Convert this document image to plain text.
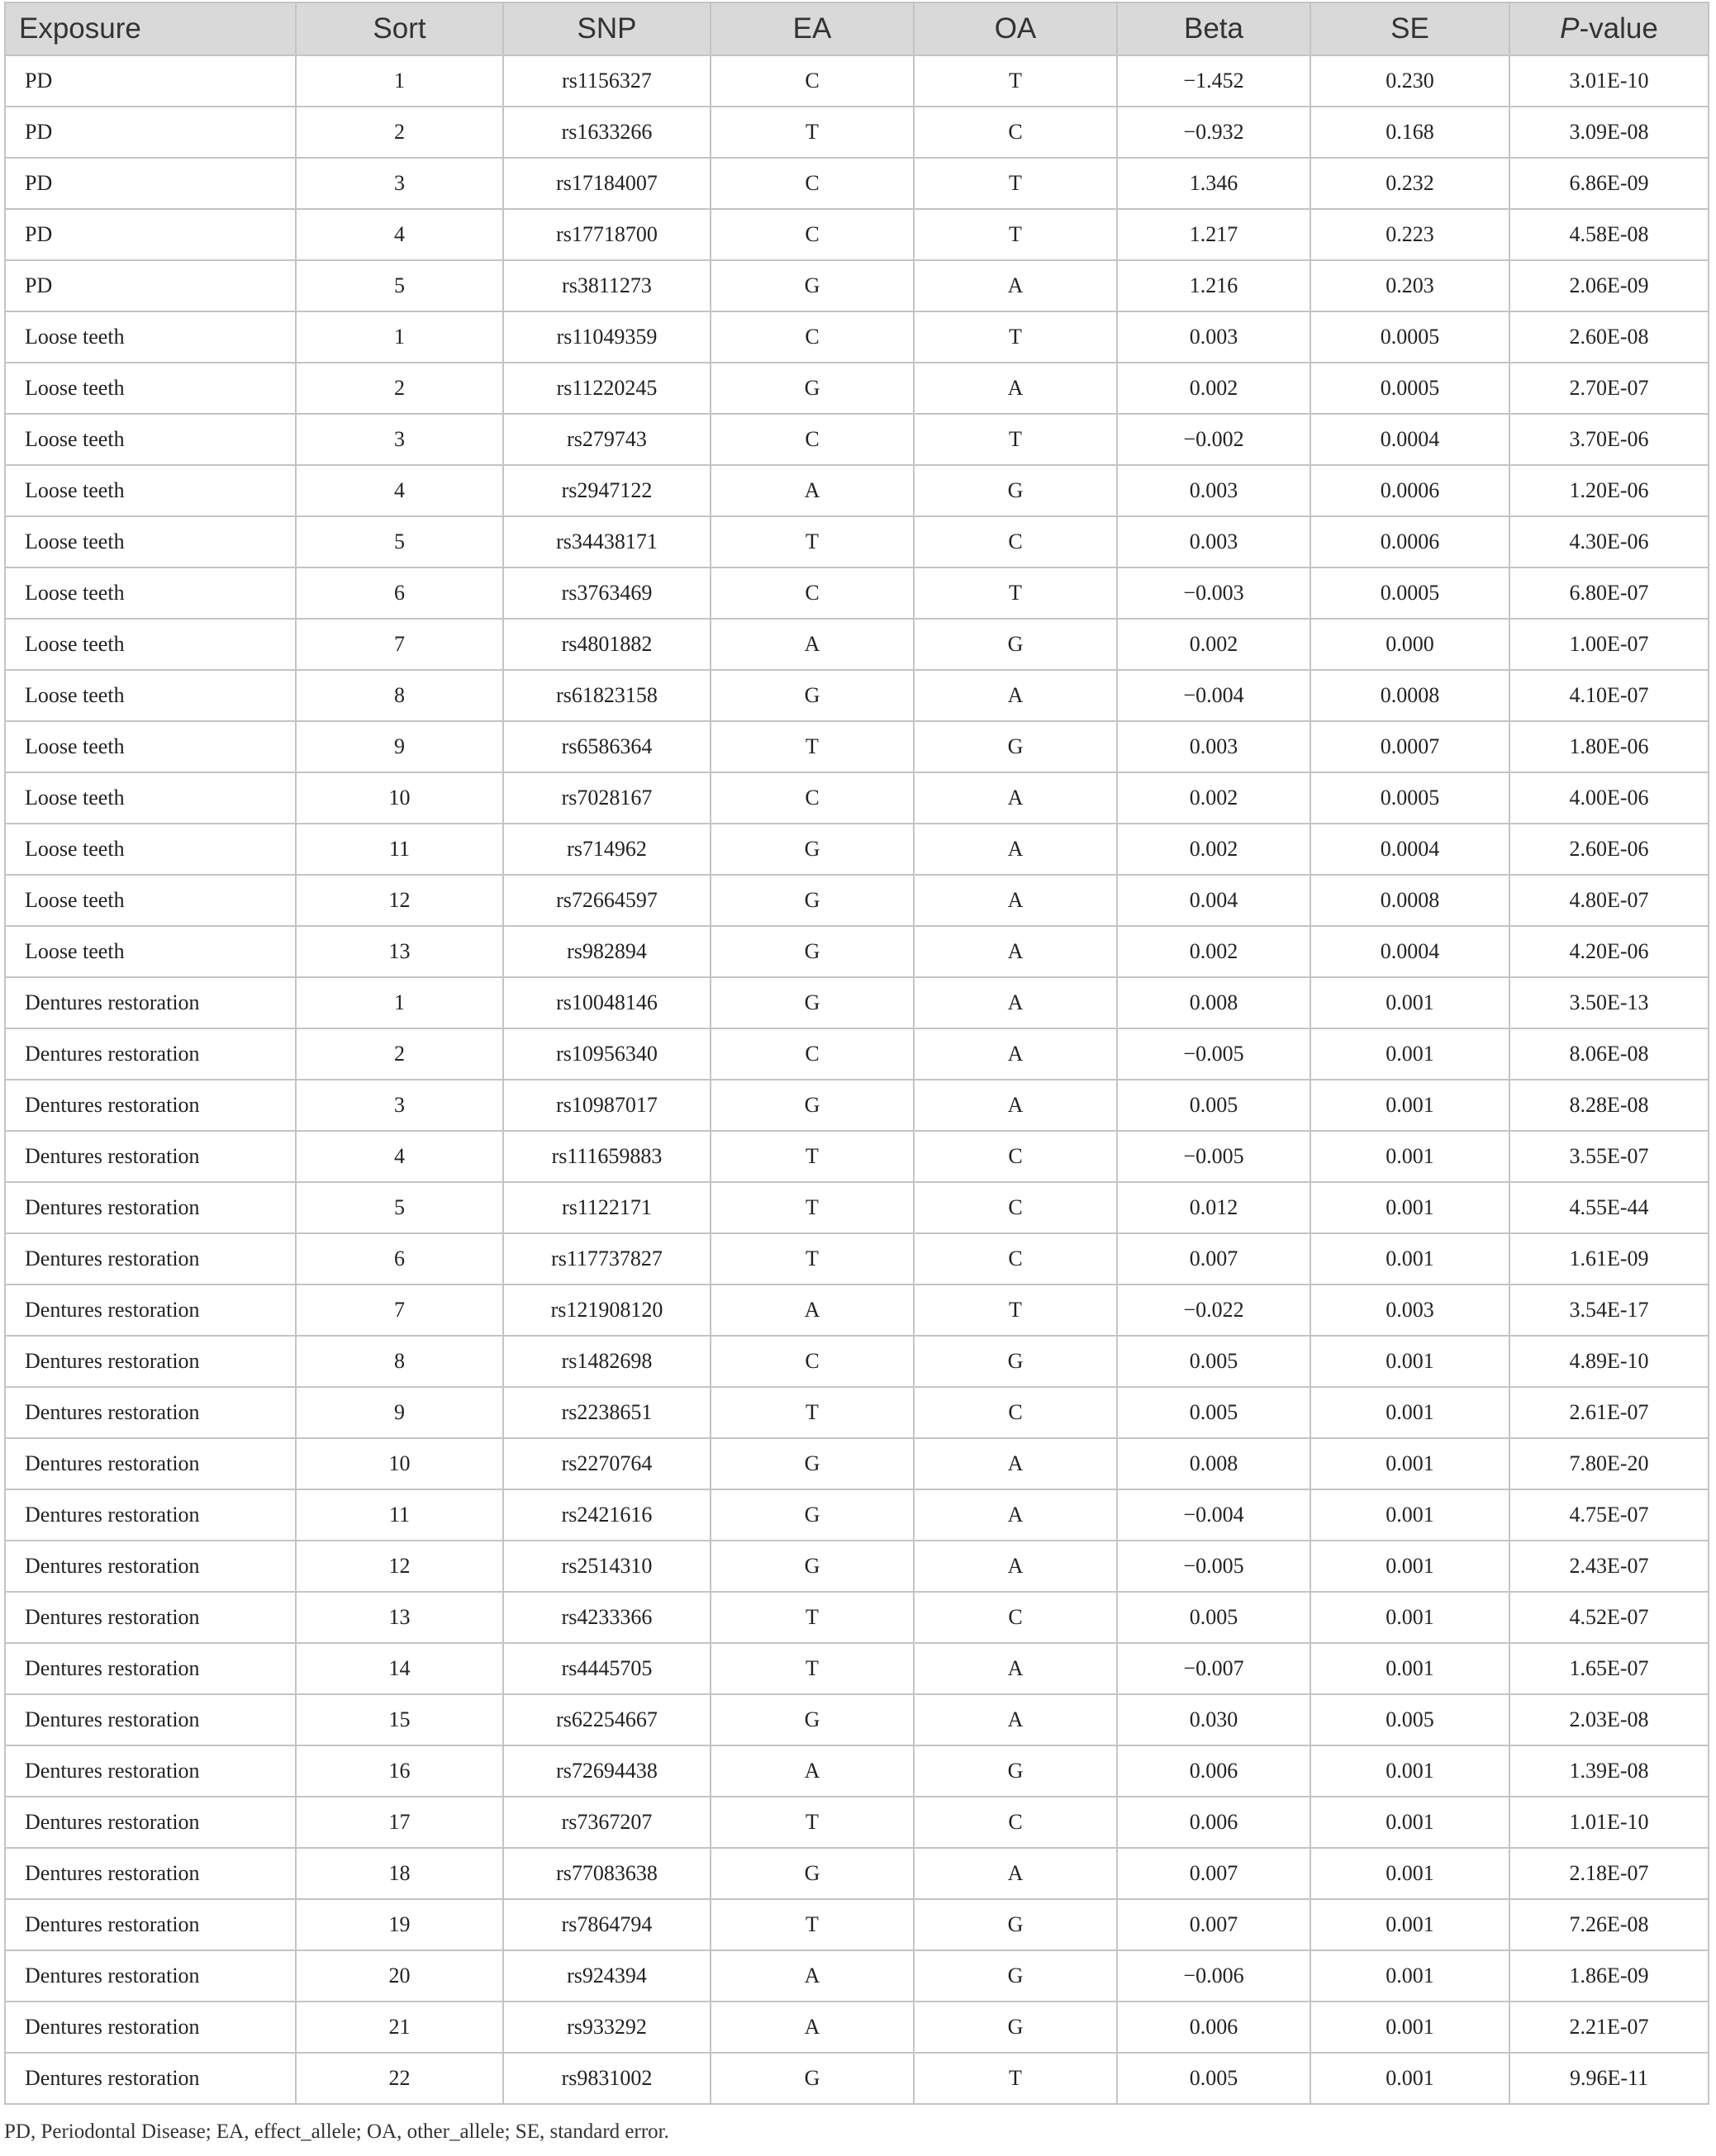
Exposure	Sort	SNP	EA	OA	Beta	SE	P-value
PD	1	rs1156327	C	T	−1.452	0.230	3.01E-10
PD	2	rs1633266	T	C	−0.932	0.168	3.09E-08
PD	3	rs17184007	C	T	1.346	0.232	6.86E-09
PD	4	rs17718700	C	T	1.217	0.223	4.58E-08
PD	5	rs3811273	G	A	1.216	0.203	2.06E-09
Loose teeth	1	rs11049359	C	T	0.003	0.0005	2.60E-08
Loose teeth	2	rs11220245	G	A	0.002	0.0005	2.70E-07
Loose teeth	3	rs279743	C	T	−0.002	0.0004	3.70E-06
Loose teeth	4	rs2947122	A	G	0.003	0.0006	1.20E-06
Loose teeth	5	rs34438171	T	C	0.003	0.0006	4.30E-06
Loose teeth	6	rs3763469	C	T	−0.003	0.0005	6.80E-07
Loose teeth	7	rs4801882	A	G	0.002	0.000	1.00E-07
Loose teeth	8	rs61823158	G	A	−0.004	0.0008	4.10E-07
Loose teeth	9	rs6586364	T	G	0.003	0.0007	1.80E-06
Loose teeth	10	rs7028167	C	A	0.002	0.0005	4.00E-06
Loose teeth	11	rs714962	G	A	0.002	0.0004	2.60E-06
Loose teeth	12	rs72664597	G	A	0.004	0.0008	4.80E-07
Loose teeth	13	rs982894	G	A	0.002	0.0004	4.20E-06
Dentures restoration	1	rs10048146	G	A	0.008	0.001	3.50E-13
Dentures restoration	2	rs10956340	C	A	−0.005	0.001	8.06E-08
Dentures restoration	3	rs10987017	G	A	0.005	0.001	8.28E-08
Dentures restoration	4	rs111659883	T	C	−0.005	0.001	3.55E-07
Dentures restoration	5	rs1122171	T	C	0.012	0.001	4.55E-44
Dentures restoration	6	rs117737827	T	C	0.007	0.001	1.61E-09
Dentures restoration	7	rs121908120	A	T	−0.022	0.003	3.54E-17
Dentures restoration	8	rs1482698	C	G	0.005	0.001	4.89E-10
Dentures restoration	9	rs2238651	T	C	0.005	0.001	2.61E-07
Dentures restoration	10	rs2270764	G	A	0.008	0.001	7.80E-20
Dentures restoration	11	rs2421616	G	A	−0.004	0.001	4.75E-07
Dentures restoration	12	rs2514310	G	A	−0.005	0.001	2.43E-07
Dentures restoration	13	rs4233366	T	C	0.005	0.001	4.52E-07
Dentures restoration	14	rs4445705	T	A	−0.007	0.001	1.65E-07
Dentures restoration	15	rs62254667	G	A	0.030	0.005	2.03E-08
Dentures restoration	16	rs72694438	A	G	0.006	0.001	1.39E-08
Dentures restoration	17	rs7367207	T	C	0.006	0.001	1.01E-10
Dentures restoration	18	rs77083638	G	A	0.007	0.001	2.18E-07
Dentures restoration	19	rs7864794	T	G	0.007	0.001	7.26E-08
Dentures restoration	20	rs924394	A	G	−0.006	0.001	1.86E-09
Dentures restoration	21	rs933292	A	G	0.006	0.001	2.21E-07
Dentures restoration	22	rs9831002	G	T	0.005	0.001	9.96E-11
PD, Periodontal Disease; EA, effect_allele; OA, other_allele; SE, standard error.
